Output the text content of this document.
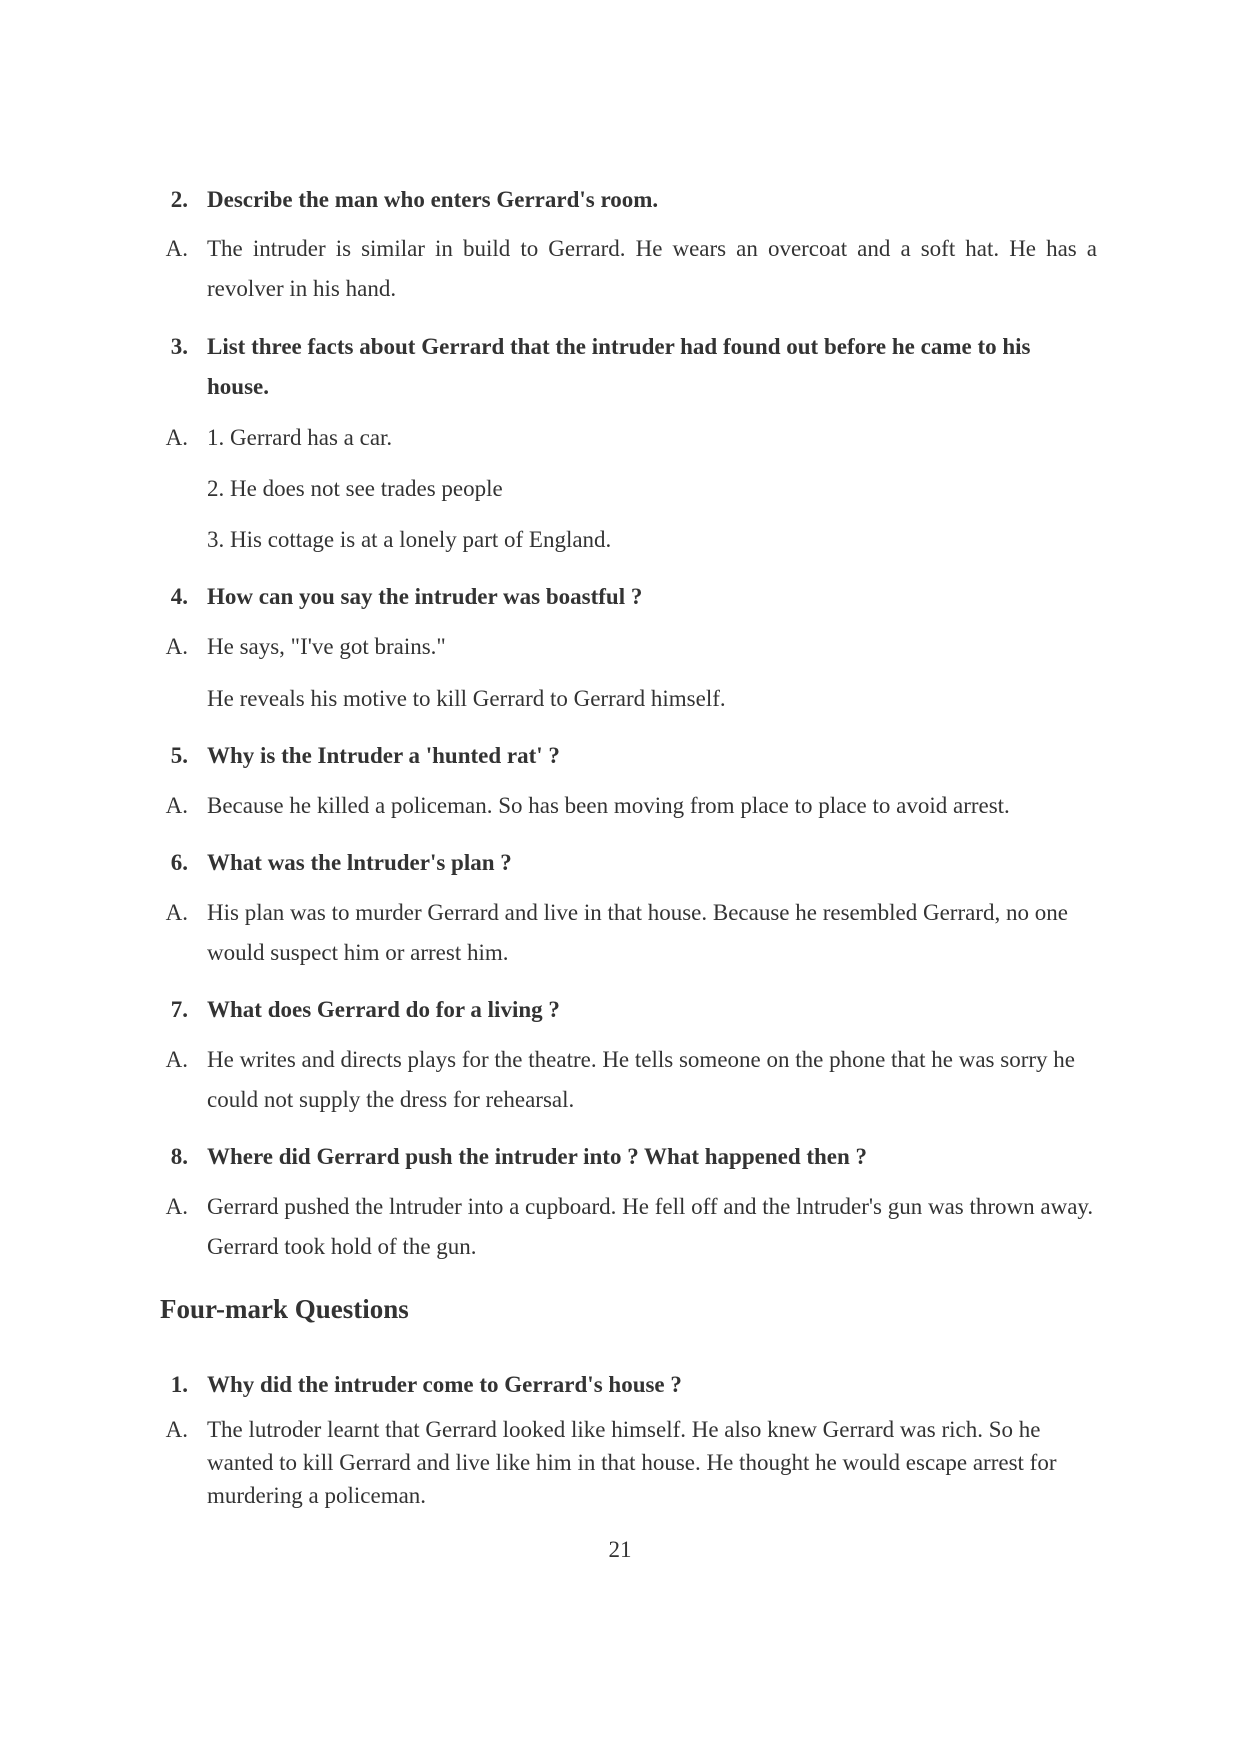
2. Describe the man who enters Gerrard's room.
A. The intruder is similar in build to Gerrard. He wears an overcoat and a soft hat. He has a revolver in his hand.
3. List three facts about Gerrard that the intruder had found out before he came to his house.
A. 1. Gerrard has a car.
2. He does not see trades people
3. His cottage is at a lonely part of England.
4. How can you say the intruder was boastful ?
A. He says, "I've got brains."
He reveals his motive to kill Gerrard to Gerrard himself.
5. Why is the Intruder a 'hunted rat' ?
A. Because he killed a policeman. So has been moving from place to place to avoid arrest.
6. What was the lntruder's plan ?
A. His plan was to murder Gerrard and live in that house. Because he resembled Gerrard, no one would suspect him or arrest him.
7. What does Gerrard do for a living ?
A. He writes and directs plays for the theatre. He tells someone on the phone that he was sorry he could not supply the dress for rehearsal.
8. Where did Gerrard push the intruder into ? What happened then ?
A. Gerrard pushed the lntruder into a cupboard. He fell off and the lntruder's gun was thrown away. Gerrard took hold of the gun.
Four-mark Questions
1. Why did the intruder come to Gerrard's house ?
A. The lutroder learnt that Gerrard looked like himself. He also knew Gerrard was rich. So he wanted to kill Gerrard and live like him in that house. He thought he would escape arrest for murdering a policeman.
21
